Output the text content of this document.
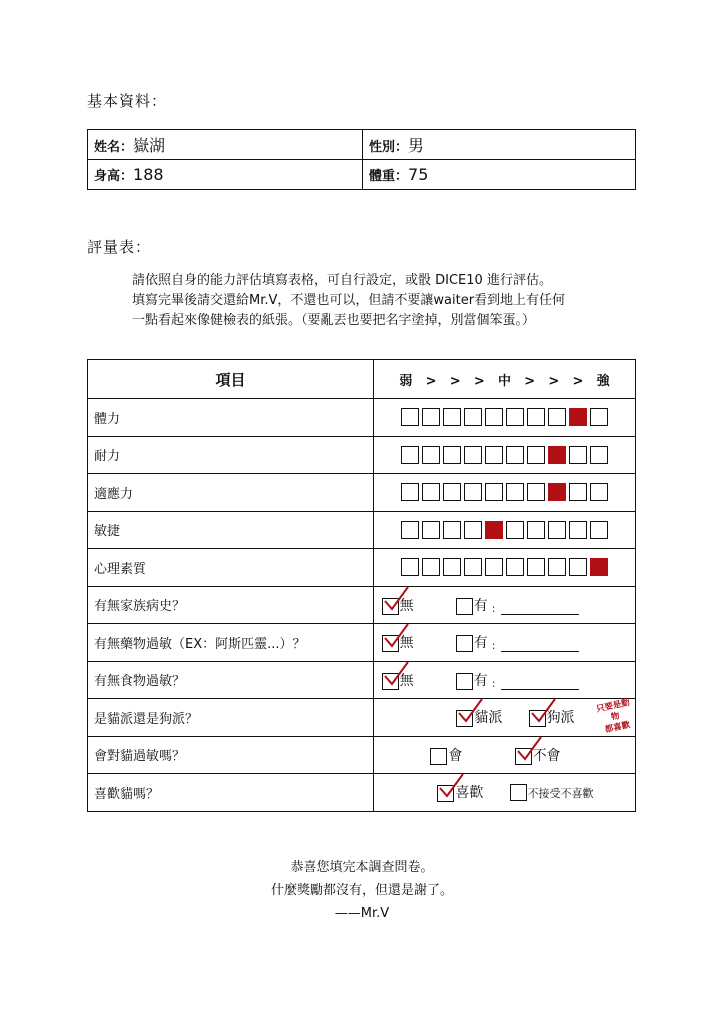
基本資料：
姓名：嶽湖	性別：男
身高：188	體重：75
評量表：
請依照自身的能力評估填寫表格，可自行設定，或骰 DICE10 進行評估。
填寫完畢後請交還給Mr.V，不還也可以，但請不要讓waiter看到地上有任何
一點看起來像健檢表的紙張。（要亂丟也要把名字塗掉，別當個笨蛋。）
項目	弱 > > > 中 > > > 強
體力	

耐力	

適應力	

敏捷	

心理素質	

有無家族病史？	無
有 :

有無藥物過敏（EX：阿斯匹靈...）？	無
有 :

有無食物過敏？	無
有 :

是貓派還是狗派？	貓派
狗派
只要是動物
都喜歡

會對貓過敏嗎？	會
不會

喜歡貓嗎？	喜歡
不接受不喜歡
恭喜您填完本調查問卷。
什麼獎勵都沒有，但還是謝了。
——Mr.V
